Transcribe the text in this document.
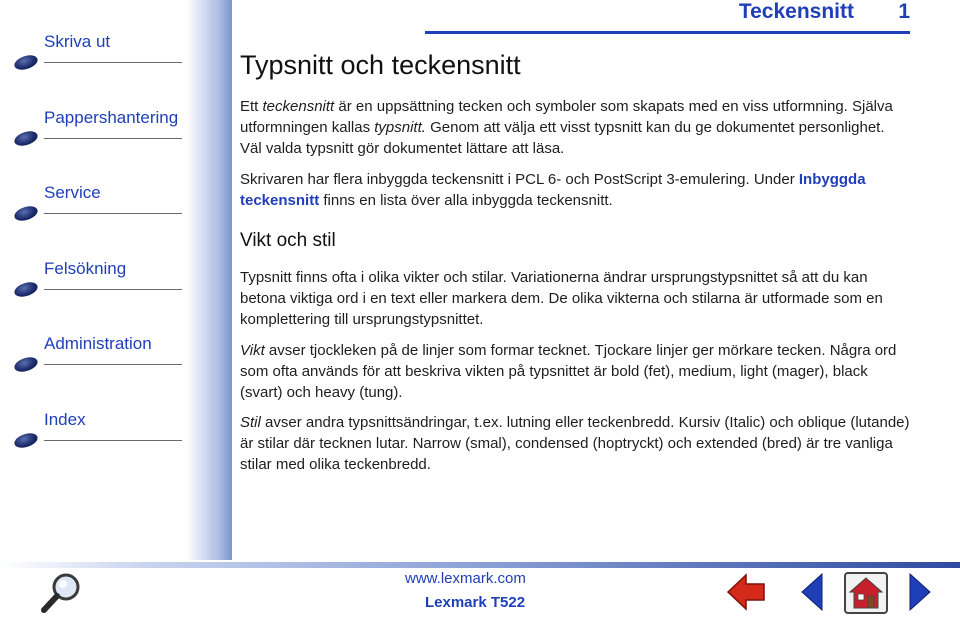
Skriva ut
Pappershantering
Service
Felsökning
Administration
Index
Teckensnitt 1
Typsnitt och teckensnitt

Ett teckensnitt är en uppsättning tecken och symboler som skapats med en viss utformning. Själva utformningen kallas typsnitt. Genom att välja ett visst typsnitt kan du ge dokumentet personlighet. Väl valda typsnitt gör dokumentet lättare att läsa.

Skrivaren har flera inbyggda teckensnitt i PCL 6- och PostScript 3-emulering. Under Inbyggda teckensnitt finns en lista över alla inbyggda teckensnitt.

Vikt och stil

Typsnitt finns ofta i olika vikter och stilar. Variationerna ändrar ursprungstypsnittet så att du kan betona viktiga ord i en text eller markera dem. De olika vikterna och stilarna är utformade som en komplettering till ursprungstypsnittet.

Vikt avser tjockleken på de linjer som formar tecknet. Tjockare linjer ger mörkare tecken. Några ord som ofta används för att beskriva vikten på typsnittet är bold (fet), medium, light (mager), black (svart) och heavy (tung).

Stil avser andra typsnittsändringar, t.ex. lutning eller teckenbredd. Kursiv (Italic) och oblique (lutande) är stilar där tecknen lutar. Narrow (smal), condensed (hoptryckt) och extended (bred) är tre vanliga stilar med olika teckenbredd.

www.lexmark.com
Lexmark T522
